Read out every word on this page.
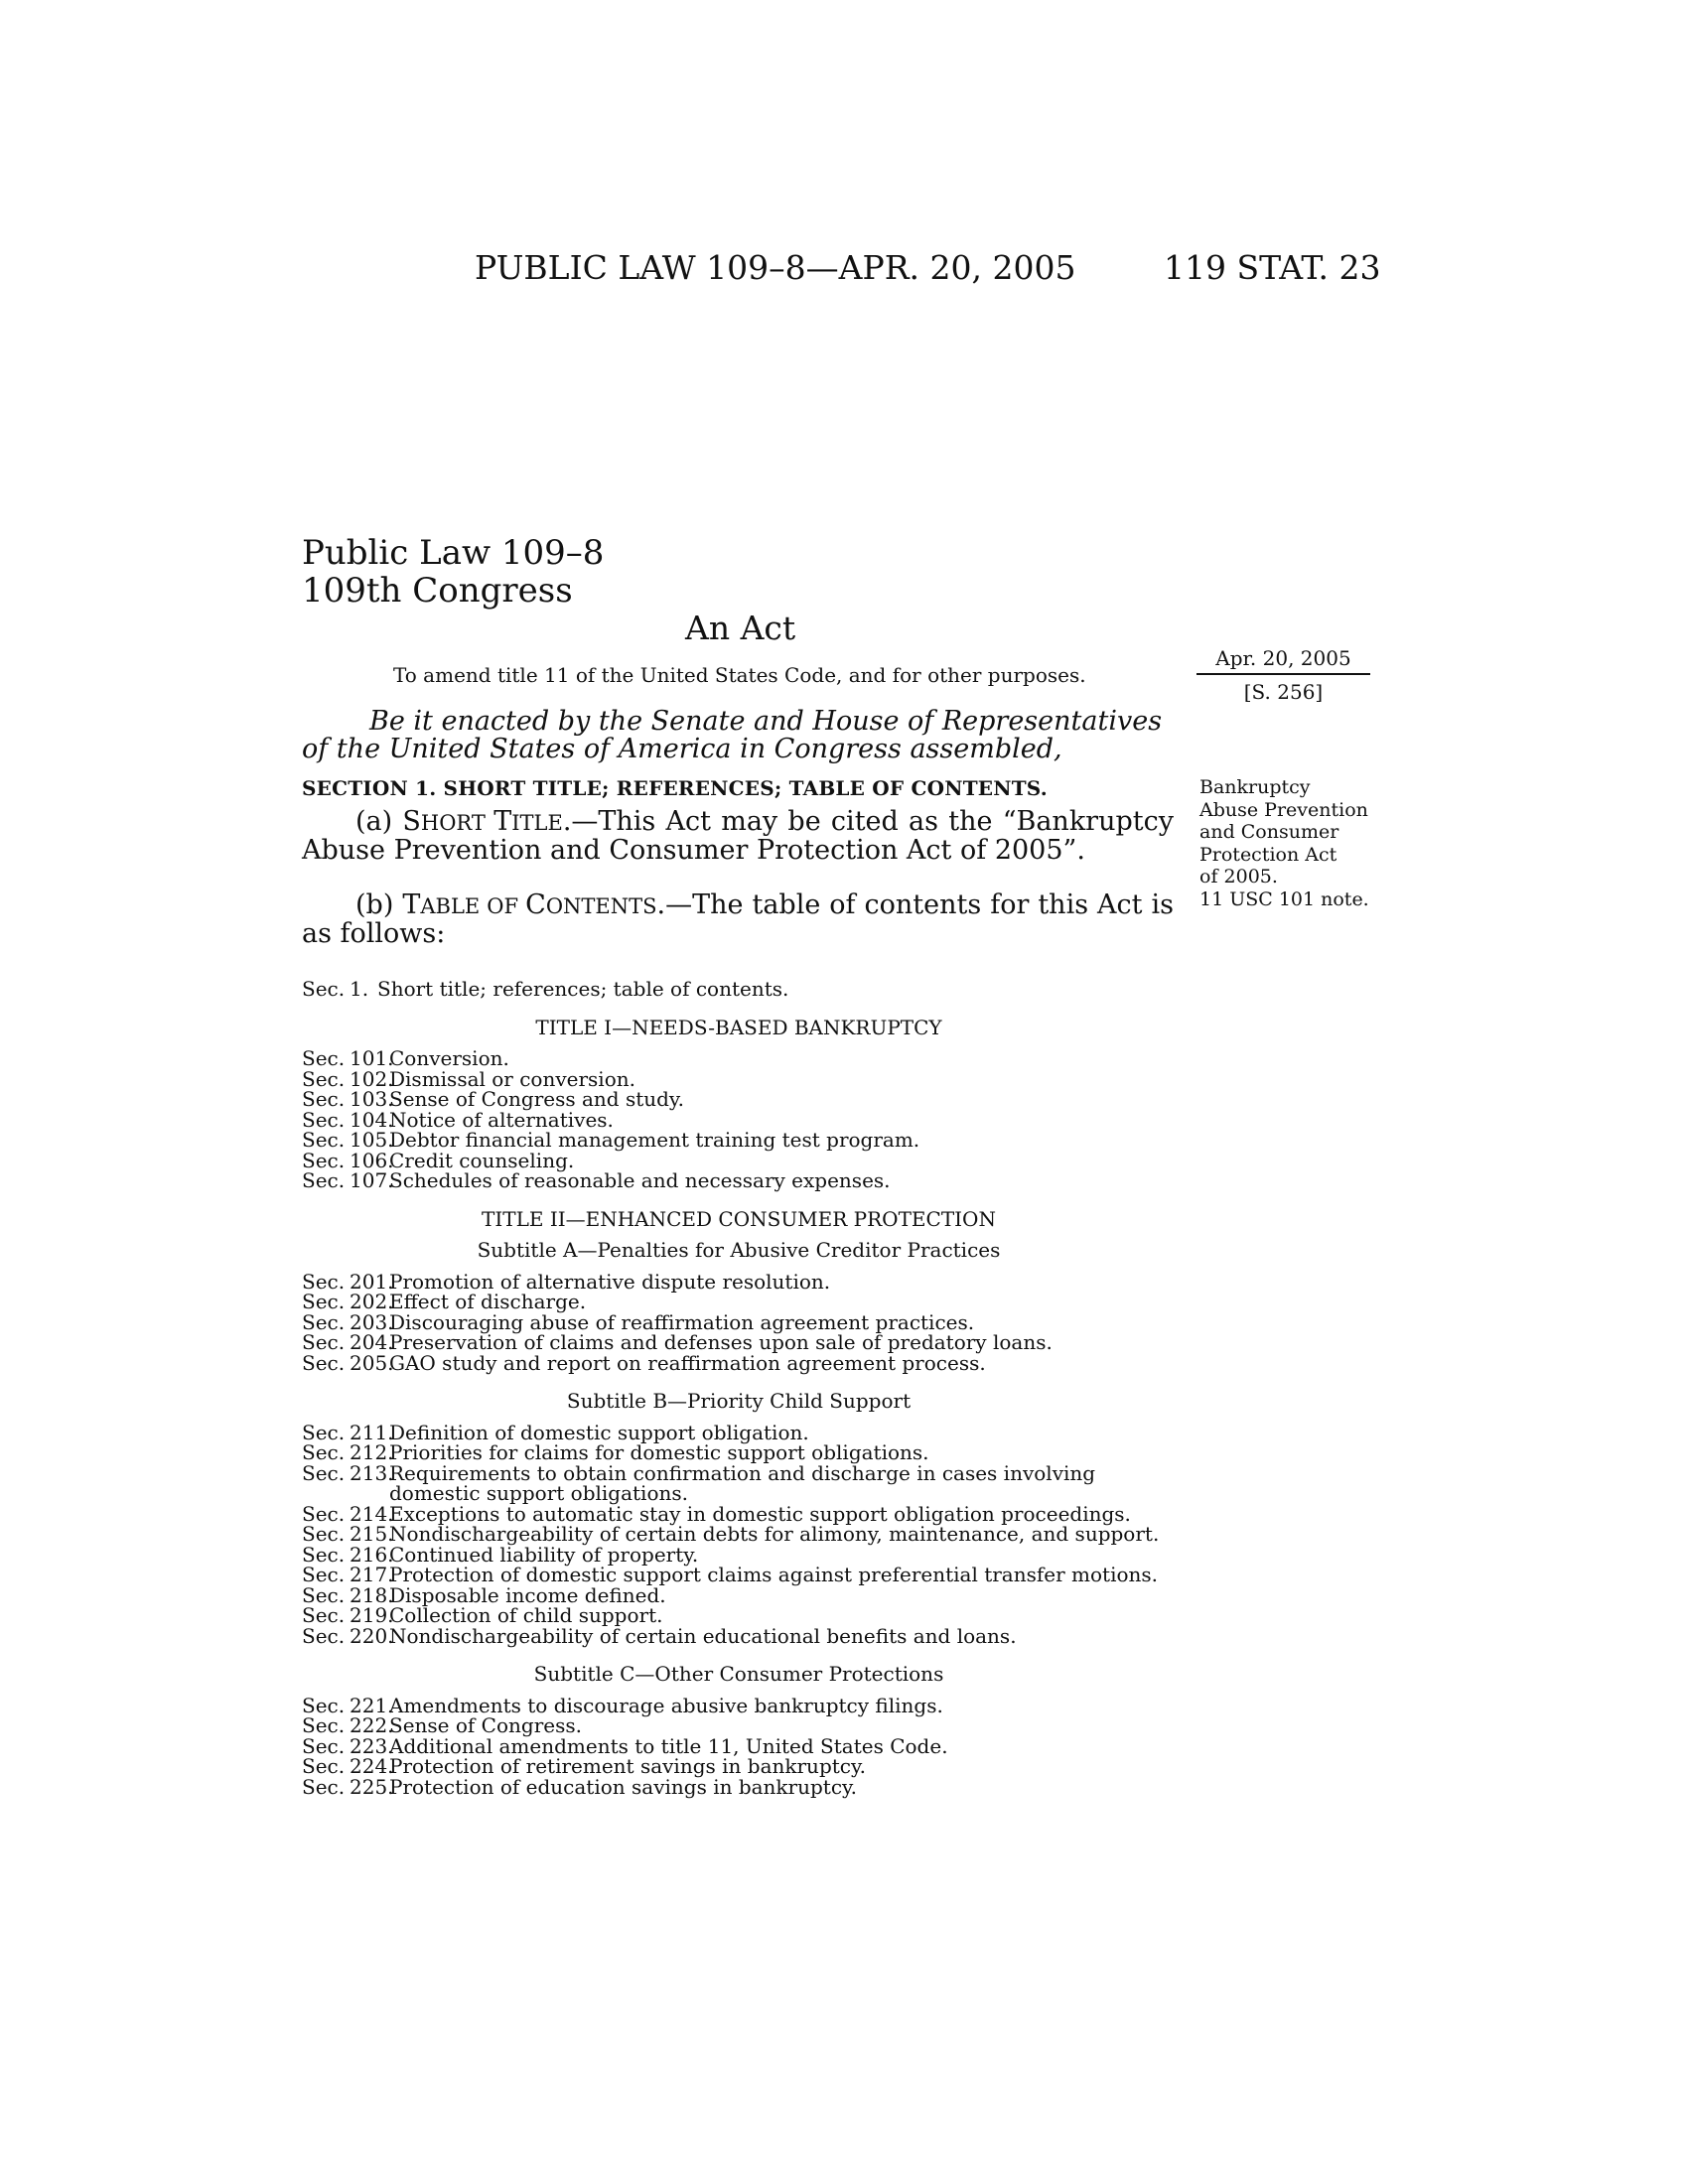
PUBLIC LAW 109–8—APR. 20, 2005	119 STAT. 23
Public Law 109–8
109th Congress
An Act
To amend title 11 of the United States Code, and for other purposes.
Apr. 20, 2005
[S. 256]
Be it enacted by the Senate and House of Representatives of the United States of America in Congress assembled,
SECTION 1. SHORT TITLE; REFERENCES; TABLE OF CONTENTS.
(a) SHORT TITLE.—This Act may be cited as the “Bankruptcy Abuse Prevention and Consumer Protection Act of 2005”.
(b) TABLE OF CONTENTS.—The table of contents for this Act is as follows:
Bankruptcy
Abuse Prevention
and Consumer
Protection Act
of 2005.
11 USC 101 note.
Sec. 1. Short title; references; table of contents.
TITLE I—NEEDS-BASED BANKRUPTCY
Sec. 101.
Conversion.
Sec. 102.
Dismissal or conversion.
Sec. 103.
Sense of Congress and study.
Sec. 104.
Notice of alternatives.
Sec. 105.
Debtor financial management training test program.
Sec. 106.
Credit counseling.
Sec. 107.
Schedules of reasonable and necessary expenses.
TITLE II—ENHANCED CONSUMER PROTECTION
Subtitle A—Penalties for Abusive Creditor Practices
Sec. 201.
Promotion of alternative dispute resolution.
Sec. 202.
Effect of discharge.
Sec. 203.
Discouraging abuse of reaffirmation agreement practices.
Sec. 204.
Preservation of claims and defenses upon sale of predatory loans.
Sec. 205.
GAO study and report on reaffirmation agreement process.
Subtitle B—Priority Child Support
Sec. 211.
Definition of domestic support obligation.
Sec. 212.
Priorities for claims for domestic support obligations.
Sec. 213.
Requirements to obtain confirmation and discharge in cases involving domestic support obligations.
Sec. 214.
Exceptions to automatic stay in domestic support obligation proceedings.
Sec. 215.
Nondischargeability of certain debts for alimony, maintenance, and support.
Sec. 216.
Continued liability of property.
Sec. 217.
Protection of domestic support claims against preferential transfer motions.
Sec. 218.
Disposable income defined.
Sec. 219.
Collection of child support.
Sec. 220.
Nondischargeability of certain educational benefits and loans.
Subtitle C—Other Consumer Protections
Sec. 221.
Amendments to discourage abusive bankruptcy filings.
Sec. 222.
Sense of Congress.
Sec. 223.
Additional amendments to title 11, United States Code.
Sec. 224.
Protection of retirement savings in bankruptcy.
Sec. 225.
Protection of education savings in bankruptcy.
